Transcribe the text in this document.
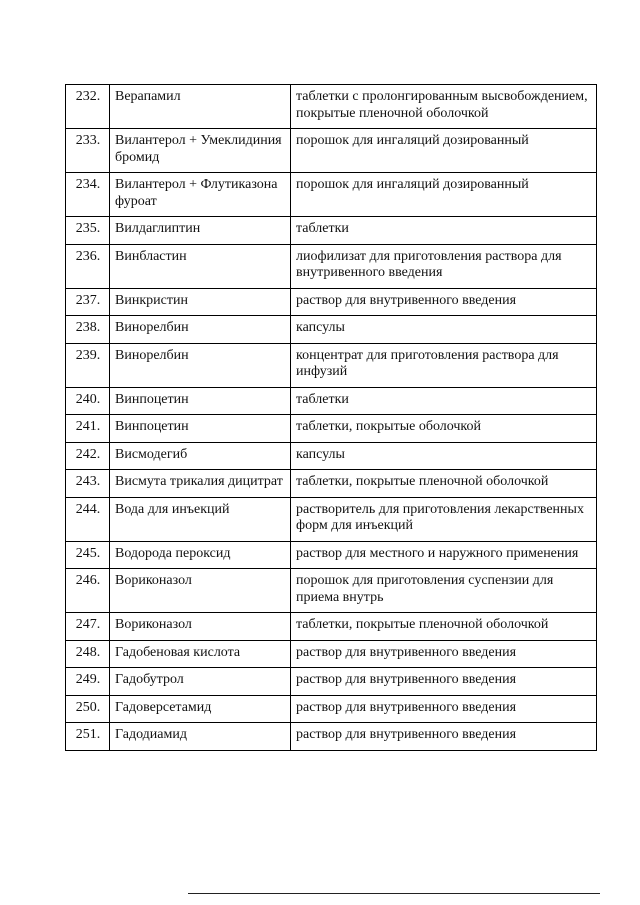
232.	Верапамил	таблетки с пролонгированным высвобождением, покрытые пленочной оболочкой
233.	Вилантерол + Умеклидиния бромид	порошок для ингаляций дозированный
234.	Вилантерол + Флутиказона фуроат	порошок для ингаляций дозированный
235.	Вилдаглиптин	таблетки
236.	Винбластин	лиофилизат для приготовления раствора для внутривенного введения
237.	Винкристин	раствор для внутривенного введения
238.	Винорелбин	капсулы
239.	Винорелбин	концентрат для приготовления раствора для инфузий
240.	Винпоцетин	таблетки
241.	Винпоцетин	таблетки, покрытые оболочкой
242.	Висмодегиб	капсулы
243.	Висмута трикалия дицитрат	таблетки, покрытые пленочной оболочкой
244.	Вода для инъекций	растворитель для приготовления лекарственных форм для инъекций
245.	Водорода пероксид	раствор для местного и наружного применения
246.	Вориконазол	порошок для приготовления суспензии для приема внутрь
247.	Вориконазол	таблетки, покрытые пленочной оболочкой
248.	Гадобеновая кислота	раствор для внутривенного введения
249.	Гадобутрол	раствор для внутривенного введения
250.	Гадоверсетамид	раствор для внутривенного введения
251.	Гадодиамид	раствор для внутривенного введения
